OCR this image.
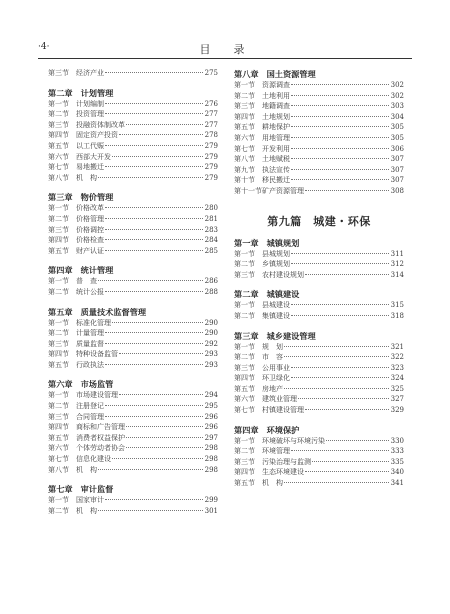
·4·	目　录
第三节	经济产业	275
第二章 计划管理
第一节	计划编制	276
第二节	投资管理	277
第三节	投融资体制改革	277
第四节	固定资产投资	278
第五节	以工代赈	279
第六节	西部大开发	279
第七节	易地搬迁	279
第八节	机　构	279
第三章 物价管理
第一节	价格改革	280
第二节	价格管理	281
第三节	价格调控	283
第四节	价格检查	284
第五节	财产认证	285
第四章 统计管理
第一节	普　查	286
第二节	统计公报	288
第五章 质量技术监督管理
第一节	标准化管理	290
第二节	计量管理	290
第三节	质量监督	292
第四节	特种设备监管	293
第五节	行政执法	293
第六章 市场监管
第一节	市场建设管理	294
第二节	注册登记	295
第三节	合同管理	296
第四节	商标和广告管理	296
第五节	消费者权益保护	297
第六节	个体劳动者协会	298
第七节	信息化建设	298
第八节	机　构	298
第七章 审计监督
第一节	国家审计	299
第二节	机　构	301
第八章 国土资源管理
第一节	资源调查	302
第二节	土地利用	302
第三节	地籍调查	303
第四节	土地规划	304
第五节	耕地保护	305
第六节	用地管理	305
第七节	开发利用	306
第八节	土地赋税	307
第九节	执法宣传	307
第十节	移民搬迁	307
第十一节 矿产资源管理	308
第九篇　城建・环保
第一章 城镇规划
第一节	县城规划	311
第二节	乡镇规划	312
第三节	农村建设规划	314
第二章 城镇建设
第一节	县城建设	315
第二节	集镇建设	318
第三章 城乡建设管理
第一节	规　划	321
第二节	市　容	322
第三节	公用事业	323
第四节	环卫绿化	324
第五节	房地产	325
第六节	建筑业管理	327
第七节	村镇建设管理	329
第四章 环境保护
第一节	环境破坏与环境污染	330
第二节	环境管理	333
第三节	污染治理与监测	335
第四节	生态环境建设	340
第五节	机　构	341
